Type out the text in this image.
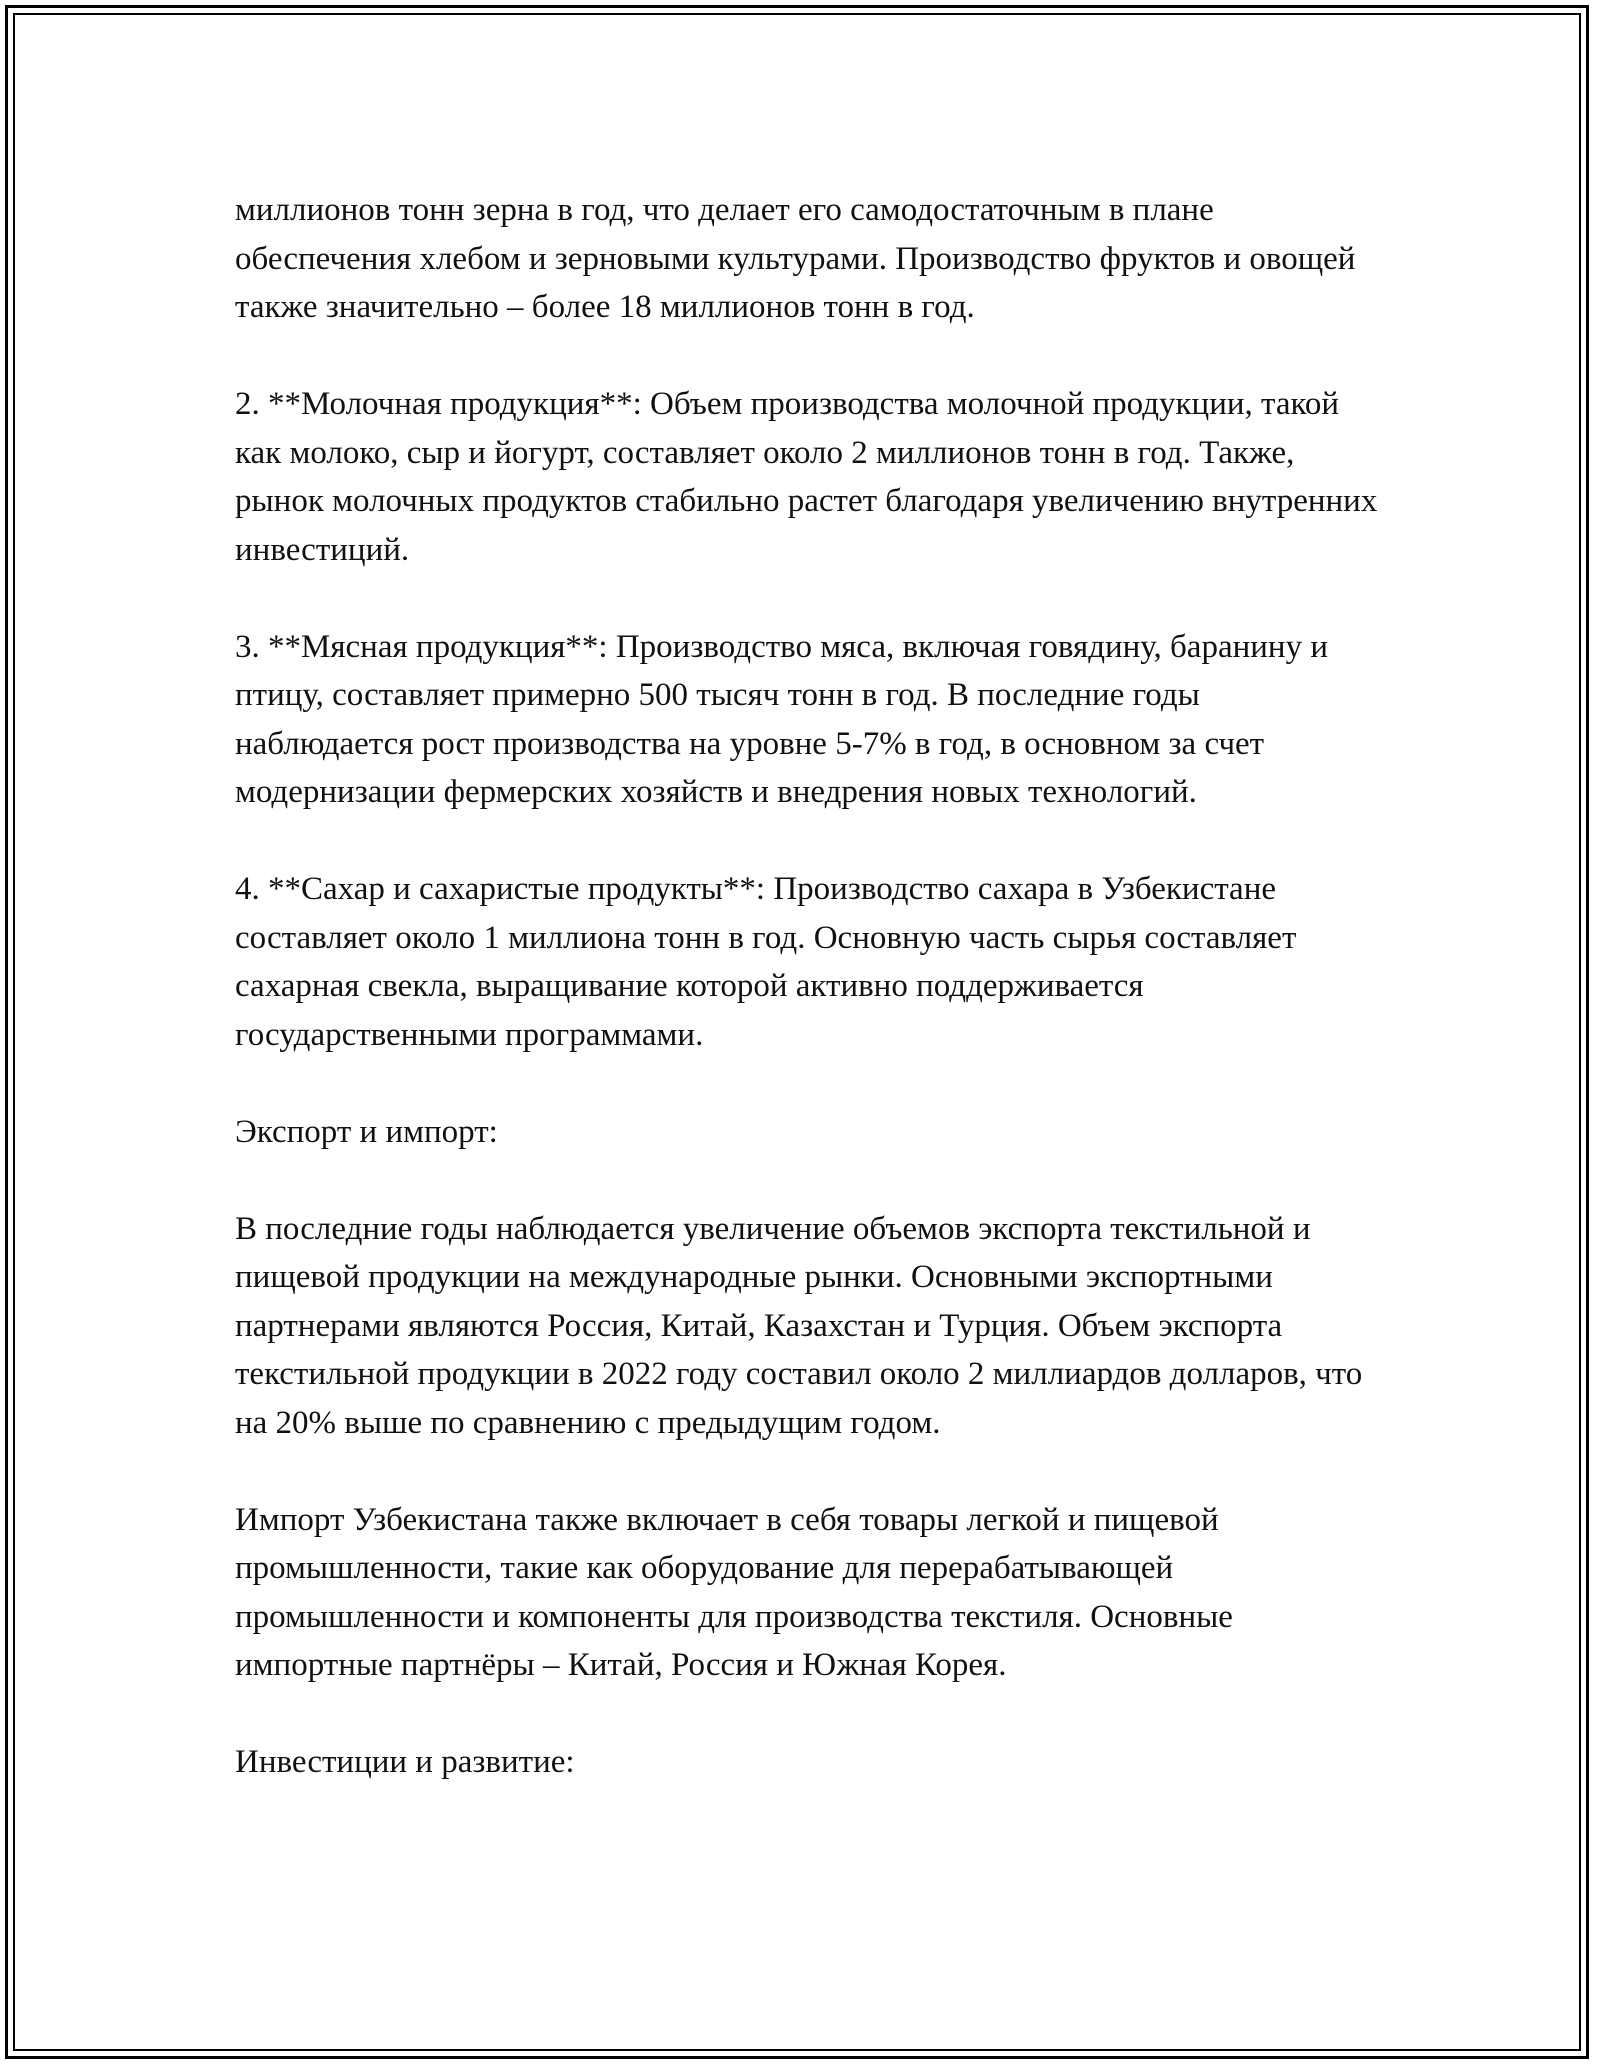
миллионов тонн зерна в год, что делает его самодостаточным в плане обеспечения хлебом и зерновыми культурами. Производство фруктов и овощей также значительно – более 18 миллионов тонн в год.

2. **Молочная продукция**: Объем производства молочной продукции, такой как молоко, сыр и йогурт, составляет около 2 миллионов тонн в год. Также, рынок молочных продуктов стабильно растет благодаря увеличению внутренних инвестиций.

3. **Мясная продукция**: Производство мяса, включая говядину, баранину и птицу, составляет примерно 500 тысяч тонн в год. В последние годы наблюдается рост производства на уровне 5-7% в год, в основном за счет модернизации фермерских хозяйств и внедрения новых технологий.

4. **Сахар и сахаристые продукты**: Производство сахара в Узбекистане составляет около 1 миллиона тонн в год. Основную часть сырья составляет сахарная свекла, выращивание которой активно поддерживается государственными программами.

Экспорт и импорт:

В последние годы наблюдается увеличение объемов экспорта текстильной и пищевой продукции на международные рынки. Основными экспортными партнерами являются Россия, Китай, Казахстан и Турция. Объем экспорта текстильной продукции в 2022 году составил около 2 миллиардов долларов, что на 20% выше по сравнению с предыдущим годом.

Импорт Узбекистана также включает в себя товары легкой и пищевой промышленности, такие как оборудование для перерабатывающей промышленности и компоненты для производства текстиля. Основные импортные партнёры – Китай, Россия и Южная Корея.

Инвестиции и развитие:
